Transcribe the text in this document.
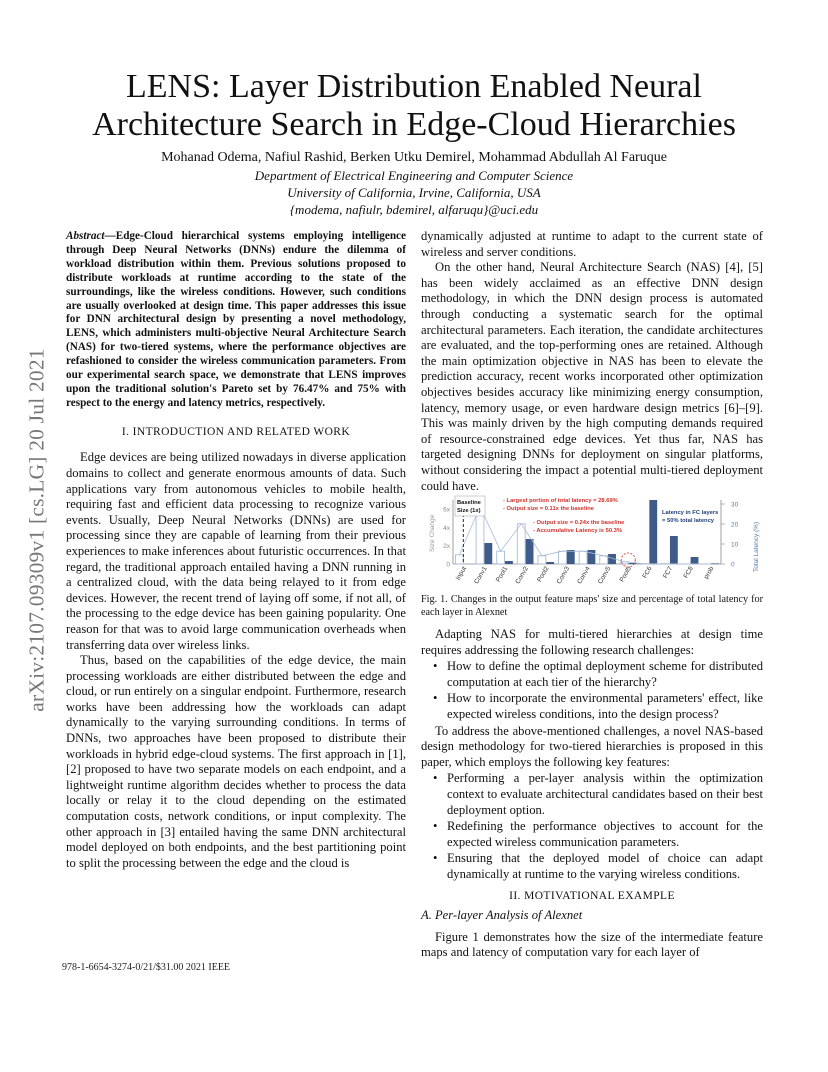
arXiv:2107.09309v1 [cs.LG] 20 Jul 2021
LENS: Layer Distribution Enabled Neural
Architecture Search in Edge-Cloud Hierarchies
Mohanad Odema, Nafiul Rashid, Berken Utku Demirel, Mohammad Abdullah Al Faruque
Department of Electrical Engineering and Computer Science
University of California, Irvine, California, USA
{modema, nafiulr, bdemirel, alfaruqu}@uci.edu
Abstract—Edge-Cloud hierarchical systems employing intelligence through Deep Neural Networks (DNNs) endure the dilemma of workload distribution within them. Previous solutions proposed to distribute workloads at runtime according to the state of the surroundings, like the wireless conditions. However, such conditions are usually overlooked at design time. This paper addresses this issue for DNN architectural design by presenting a novel methodology, LENS, which administers multi-objective Neural Architecture Search (NAS) for two-tiered systems, where the performance objectives are refashioned to consider the wireless communication parameters. From our experimental search space, we demonstrate that LENS improves upon the traditional solution's Pareto set by 76.47% and 75% with respect to the energy and latency metrics, respectively.
I. INTRODUCTION AND RELATED WORK

Edge devices are being utilized nowadays in diverse application domains to collect and generate enormous amounts of data. Such applications vary from autonomous vehicles to mobile health, requiring fast and efficient data processing to recognize various events. Usually, Deep Neural Networks (DNNs) are used for processing since they are capable of learning from their previous experiences to make inferences about futuristic occurrences. In that regard, the traditional approach entailed having a DNN running in a centralized cloud, with the data being relayed to it from edge devices. However, the recent trend of laying off some, if not all, of the processing to the edge device has been gaining popularity. One reason for that was to avoid large communication overheads when transferring data over wireless links.

Thus, based on the capabilities of the edge device, the main processing workloads are either distributed between the edge and cloud, or run entirely on a singular endpoint. Furthermore, research works have been addressing how the workloads can adapt dynamically to the varying surrounding conditions. In terms of DNNs, two approaches have been proposed to distribute their workloads in hybrid edge-cloud systems. The first approach in [1], [2] proposed to have two separate models on each endpoint, and a lightweight runtime algorithm decides whether to process the data locally or relay it to the cloud depending on the estimated computation costs, network conditions, or input complexity. The other approach in [3] entailed having the same DNN architectural model deployed on both endpoints, and the best partitioning point to split the processing between the edge and the cloud is

dynamically adjusted at runtime to adapt to the current state of wireless and server conditions.

On the other hand, Neural Architecture Search (NAS) [4], [5] has been widely acclaimed as an effective DNN design methodology, in which the DNN design process is automated through conducting a systematic search for the optimal architectural parameters. Each iteration, the candidate architectures are evaluated, and the top-performing ones are retained. Although the main optimization objective in NAS has been to elevate the prediction accuracy, recent works incorporated other optimization objectives besides accuracy like minimizing energy consumption, latency, memory usage, or even hardware design metrics [6]–[9]. This was mainly driven by the high computing demands required of resource-constrained edge devices. Yet thus far, NAS has targeted designing DNNs for deployment on singular platforms, without considering the impact a potential multi-tiered deployment could have.

0
2x
4x
6x
0
10
20
30
Size Change	Total Latency (%)
Input Conv1 Pool1 Conv2 Pool2 Conv3 Conv4 Conv5 Pool5 FC6 FC7 FC8 prob
Baseline
Size (1x)
- Largest portion of total latency = 28.69%
- Output size = 0.11x the baseline
- Output size = 0.24x the baseline
- Accumulative Latency is 50.3%
Latency in FC layers
= 50% total latency
Fig. 1. Changes in the output feature maps' size and percentage of total latency for each layer in Alexnet

Adapting NAS for multi-tiered hierarchies at design time requires addressing the following research challenges:

• How to define the optimal deployment scheme for distributed computation at each tier of the hierarchy?
• How to incorporate the environmental parameters' effect, like expected wireless conditions, into the design process?

To address the above-mentioned challenges, a novel NAS-based design methodology for two-tiered hierarchies is proposed in this paper, which employs the following key features:

• Performing a per-layer analysis within the optimization context to evaluate architectural candidates based on their best deployment option.
• Redefining the performance objectives to account for the expected wireless communication parameters.
• Ensuring that the deployed model of choice can adapt dynamically at runtime to the varying wireless conditions.
II. MOTIVATIONAL EXAMPLE
A. Per-layer Analysis of Alexnet

Figure 1 demonstrates how the size of the intermediate feature maps and latency of computation vary for each layer of

978-1-6654-3274-0/21/$31.00 2021 IEEE
